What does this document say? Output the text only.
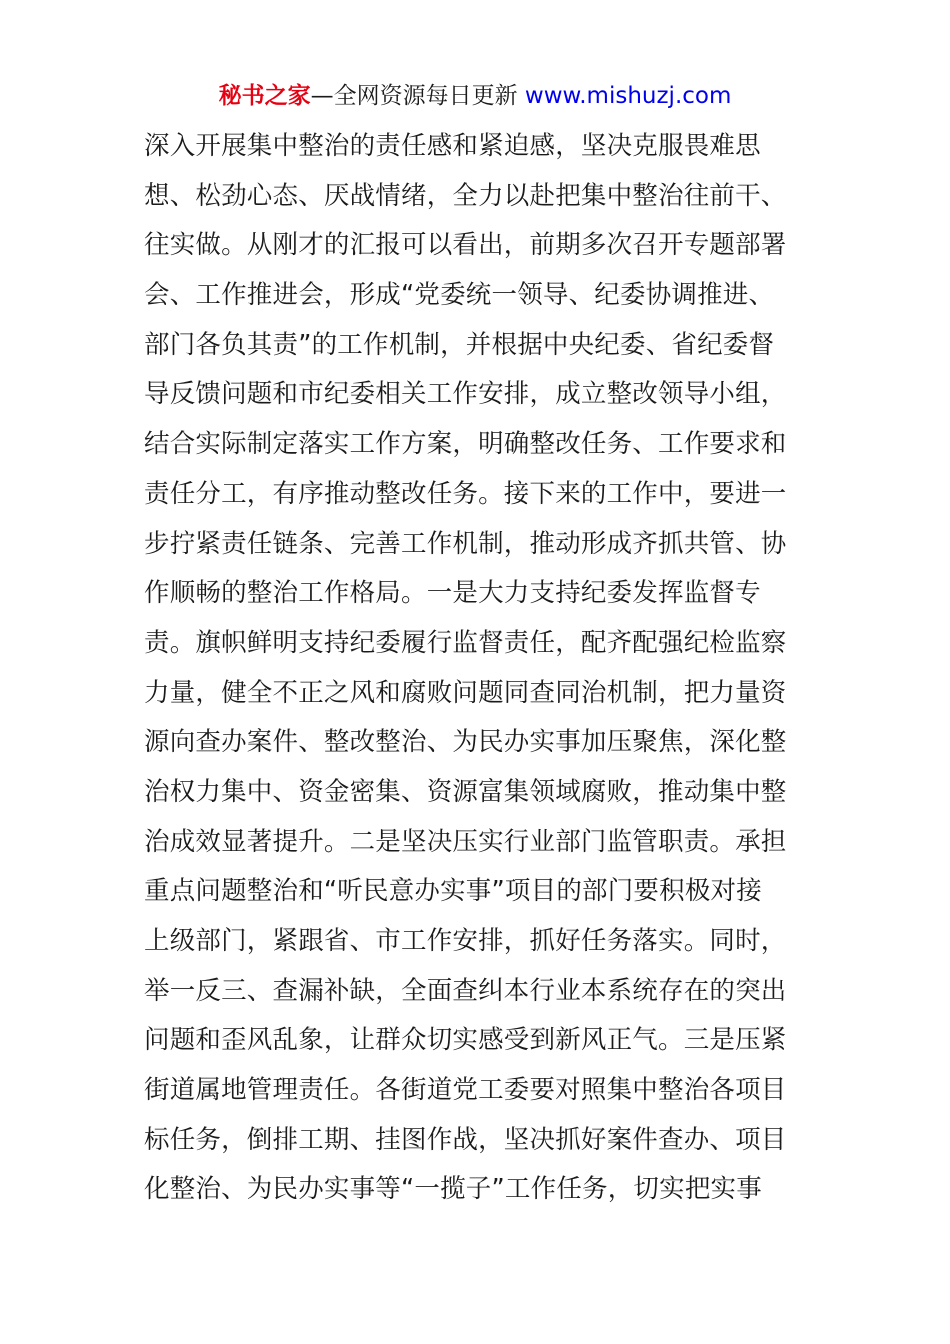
秘书之家—全网资源每日更新 www.mishuzj.com
深入开展集中整治的责任感和紧迫感，坚决克服畏难思
想、松劲心态、厌战情绪，全力以赴把集中整治往前干、
往实做。从刚才的汇报可以看出，前期多次召开专题部署
会、工作推进会，形成“党委统一领导、纪委协调推进、
部门各负其责”的工作机制，并根据中央纪委、省纪委督
导反馈问题和市纪委相关工作安排，成立整改领导小组，
结合实际制定落实工作方案，明确整改任务、工作要求和
责任分工，有序推动整改任务。接下来的工作中，要进一
步拧紧责任链条、完善工作机制，推动形成齐抓共管、协
作顺畅的整治工作格局。一是大力支持纪委发挥监督专
责。旗帜鲜明支持纪委履行监督责任，配齐配强纪检监察
力量，健全不正之风和腐败问题同查同治机制，把力量资
源向查办案件、整改整治、为民办实事加压聚焦，深化整
治权力集中、资金密集、资源富集领域腐败，推动集中整
治成效显著提升。二是坚决压实行业部门监管职责。承担
重点问题整治和“听民意办实事”项目的部门要积极对接
上级部门，紧跟省、市工作安排，抓好任务落实。同时，
举一反三、查漏补缺，全面查纠本行业本系统存在的突出
问题和歪风乱象，让群众切实感受到新风正气。三是压紧
街道属地管理责任。各街道党工委要对照集中整治各项目
标任务，倒排工期、挂图作战，坚决抓好案件查办、项目
化整治、为民办实事等“一揽子”工作任务，切实把实事
